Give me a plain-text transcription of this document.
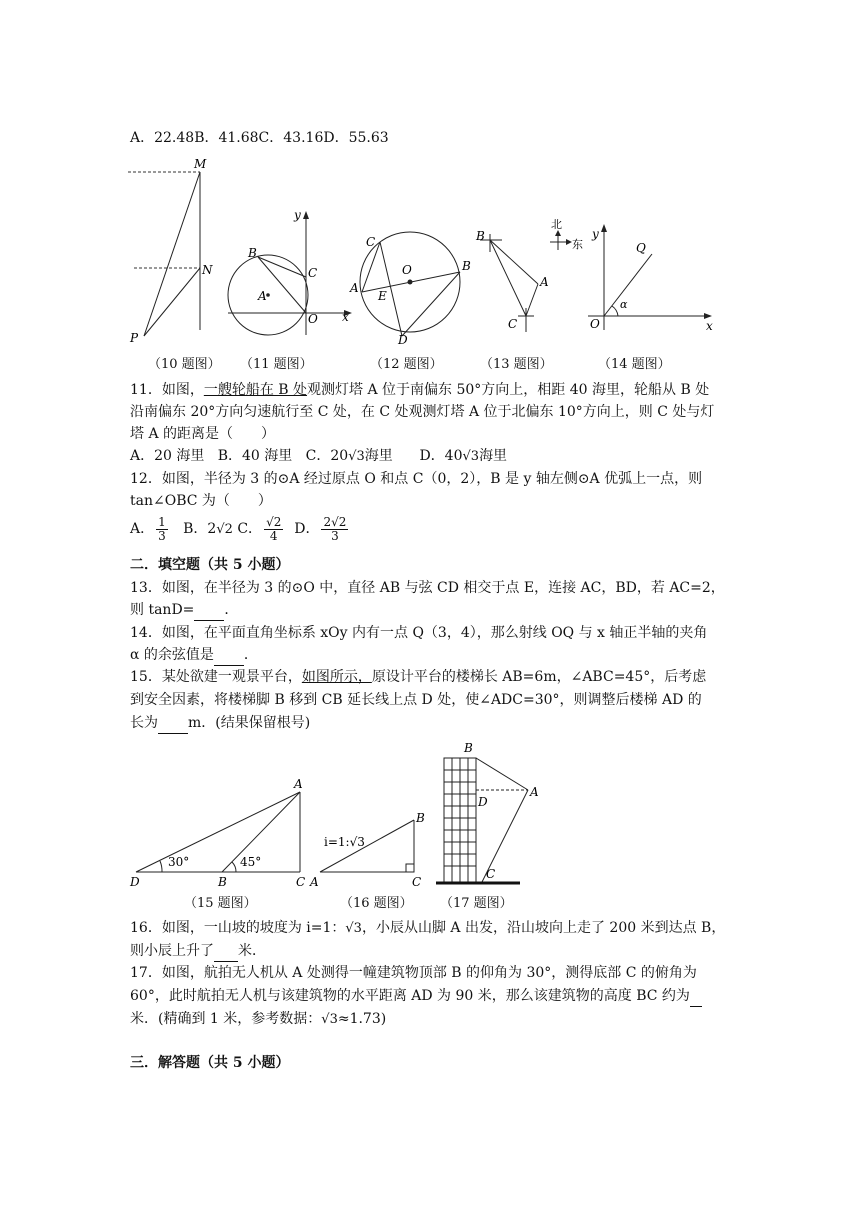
A．22.48B．41.68C．43.16D．55.63
M
N
P
y
B
C
A
O x
C
O	B
A
E
D
B
北
东
A
C
y
Q
α
O	x
（10 题图） （11 题图）	（12 题图）	（13 题图）	（14 题图）
11．如图，一艘轮船在 B 处观测灯塔 A 位于南偏东 50°方向上，相距 40 海里，轮船从 B 处
沿南偏东 20°方向匀速航行至 C 处，在 C 处观测灯塔 A 位于北偏东 10°方向上，则 C 处与灯
塔 A 的距离是（　　）
A．20 海里 B．40 海里 C．20√3海里 D．40√3海里
12．如图，半径为 3 的⊙A 经过原点 O 和点 C（0，2），B 是 y 轴左侧⊙A 优弧上一点，则
tan∠OBC 为（　　）
A． $\frac{1}{3}$ B．2√2 C． $\frac{√2}{4}$ D． $\frac{2√2}{3}$
二．填空题（共 5 小题）
13．如图，在半径为 3 的⊙O 中，直径 AB 与弦 CD 相交于点 E，连接 AC，BD，若 AC=2，
则 tanD= ．
14．如图，在平面直角坐标系 xOy 内有一点 Q（3，4），那么射线 OQ 与 x 轴正半轴的夹角
α 的余弦值是 ．
15．某处欲建一观景平台，如图所示，原设计平台的楼梯长 AB=6m，∠ABC=45°，后考虑
到安全因素，将楼梯脚 B 移到 CB 延长线上点 D 处，使∠ADC=30°，则调整后楼梯 AD 的
长为 m．(结果保留根号)
A
30°	45°
D	B	C
B
i=1:√3
A	C
B
D
A
C
（15 题图）	（16 题图） （17 题图）
16．如图，一山坡的坡度为 i=1：√3，小辰从山脚 A 出发，沿山坡向上走了 200 米到达点 B，
则小辰上升了 米．
17．如图，航拍无人机从 A 处测得一幢建筑物顶部 B 的仰角为 30°，测得底部 C 的俯角为
60°，此时航拍无人机与该建筑物的水平距离 AD 为 90 米，那么该建筑物的高度 BC 约为
米．(精确到 1 米，参考数据：√3≈1.73)
三．解答题（共 5 小题）
